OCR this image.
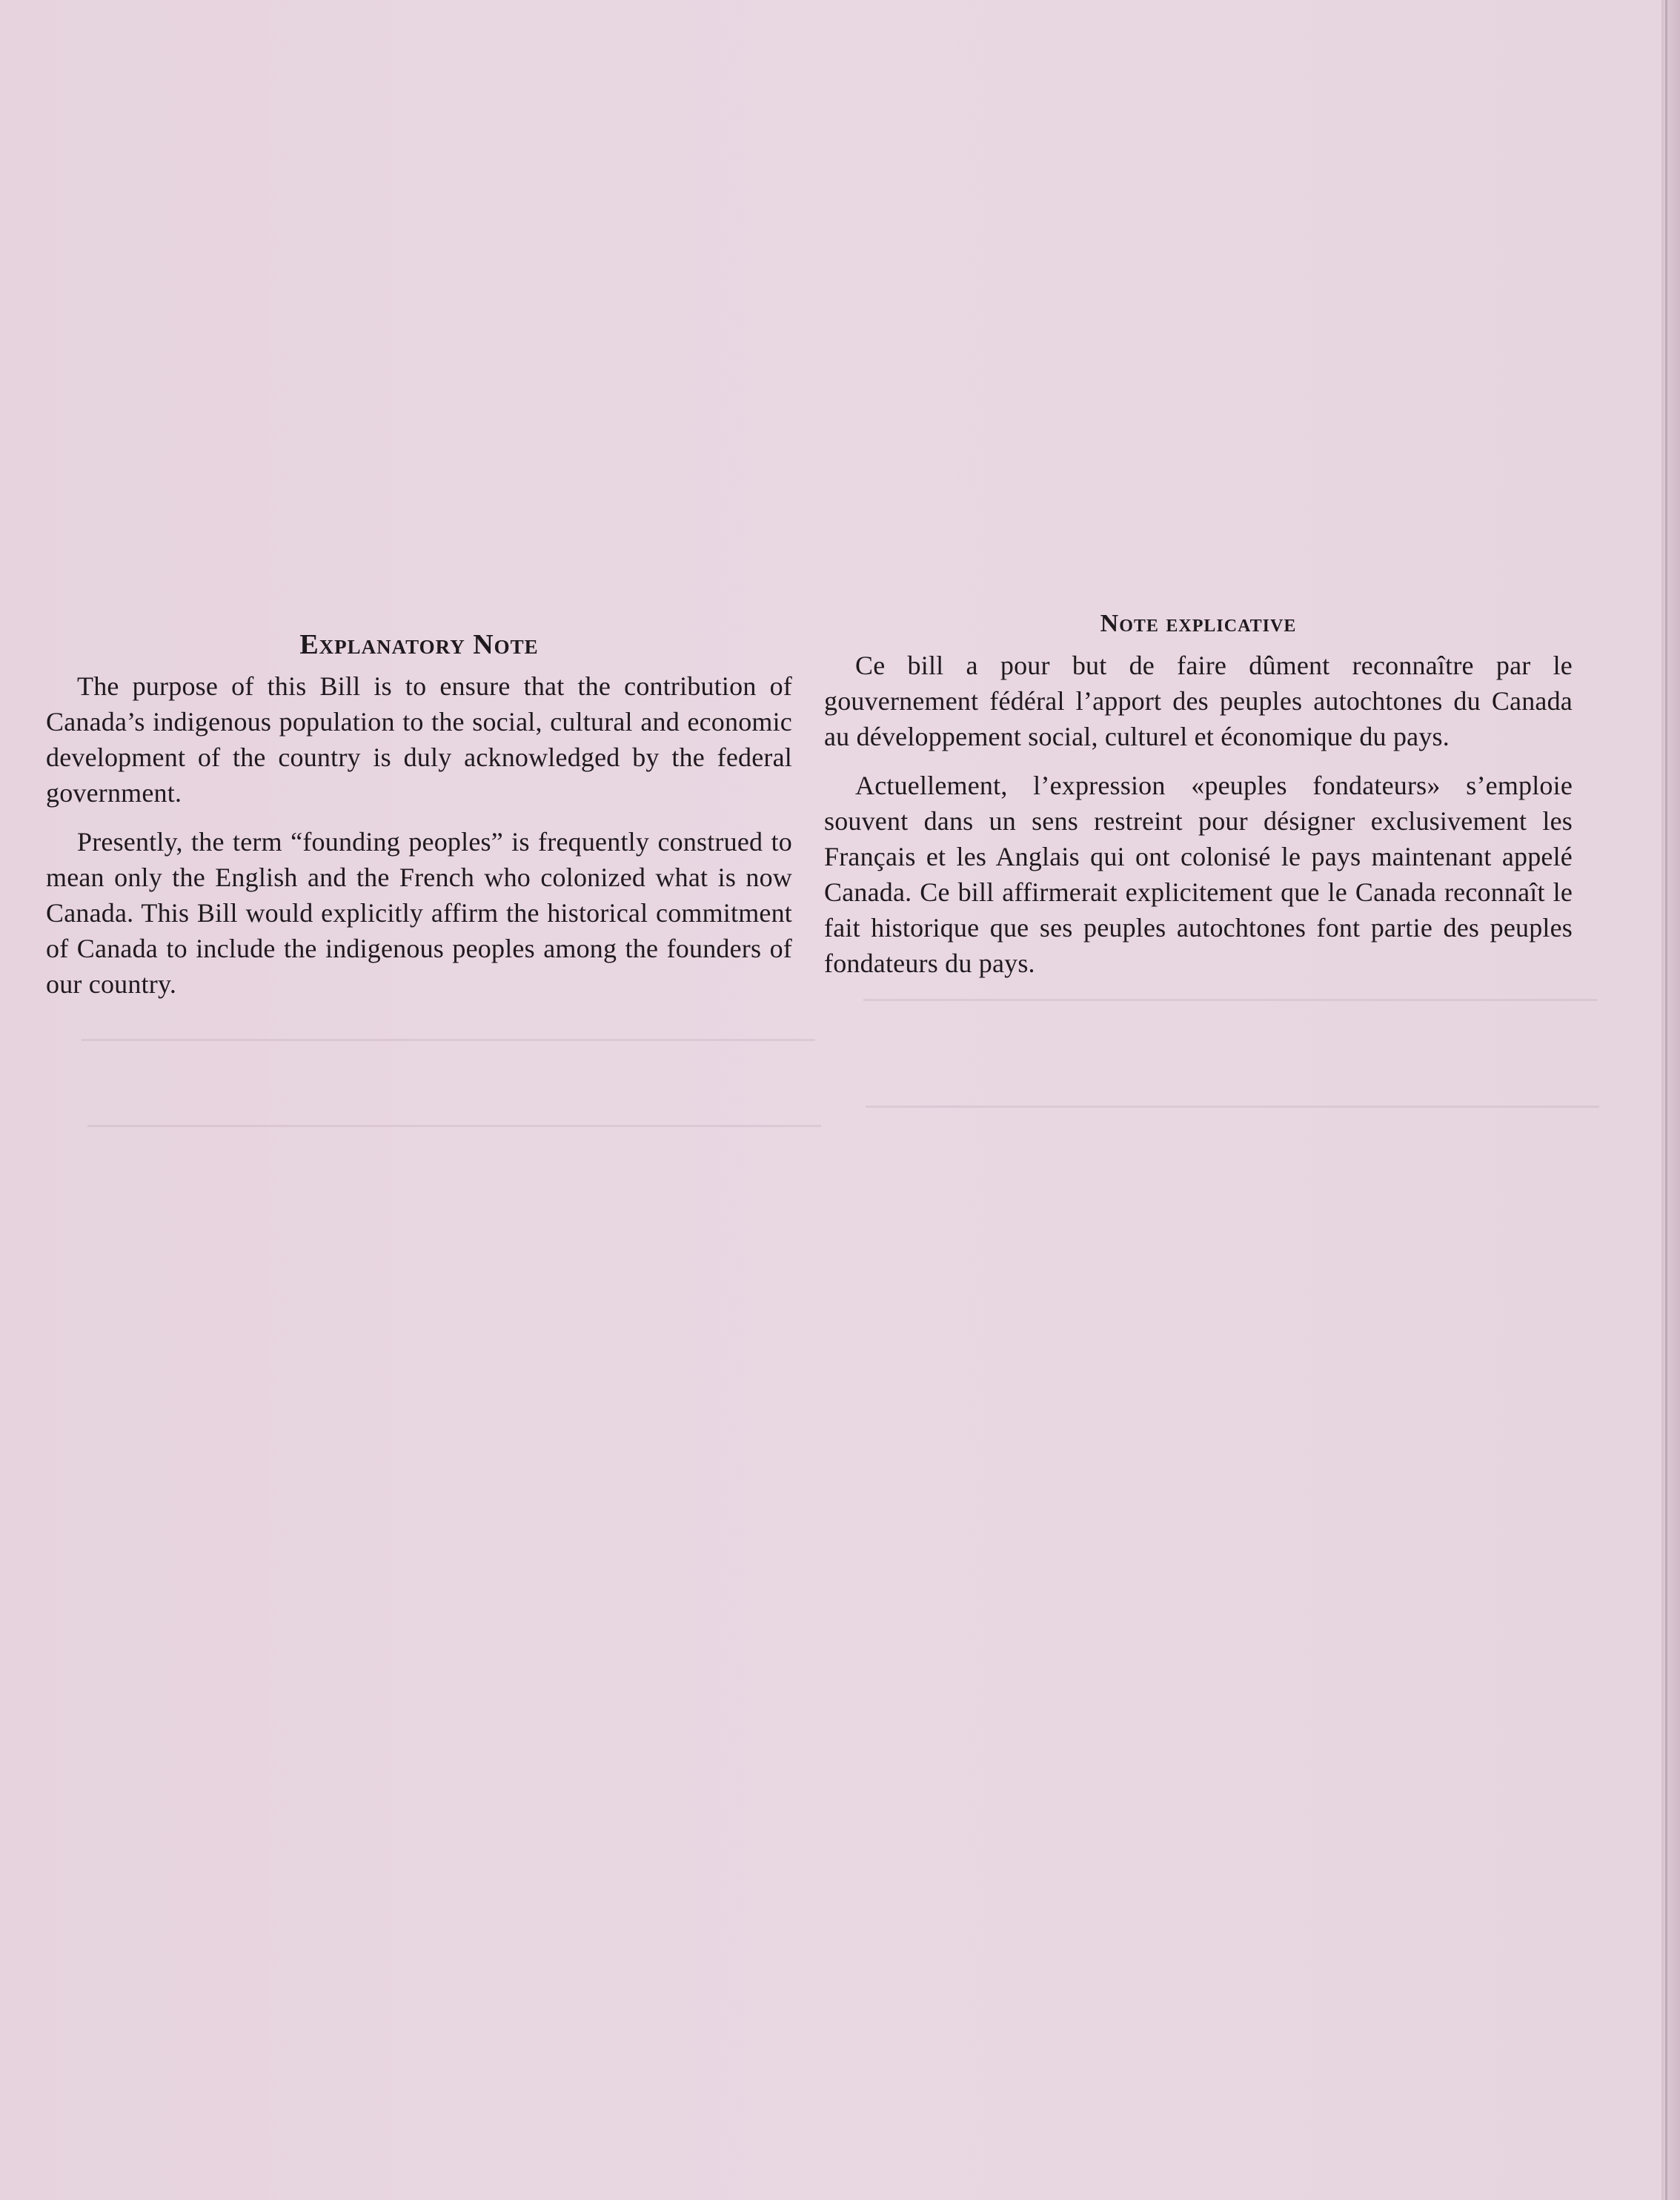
Explanatory Note

The purpose of this Bill is to ensure that the contribution of Canada’s indigenous population to the social, cultural and economic development of the country is duly acknowledged by the federal government.

Presently, the term “founding peoples” is frequently construed to mean only the English and the French who colonized what is now Canada. This Bill would explicitly affirm the historical commitment of Canada to include the indigenous peoples among the founders of our country.

Note explicative

Ce bill a pour but de faire dûment reconnaître par le gouvernement fédéral l’apport des peuples autochtones du Canada au développement social, culturel et économique du pays.

Actuellement, l’expression «peuples fondateurs» s’emploie souvent dans un sens restreint pour désigner exclusivement les Français et les Anglais qui ont colonisé le pays maintenant appelé Canada. Ce bill affirmerait explicitement que le Canada reconnaît le fait historique que ses peuples autochtones font partie des peuples fondateurs du pays.
